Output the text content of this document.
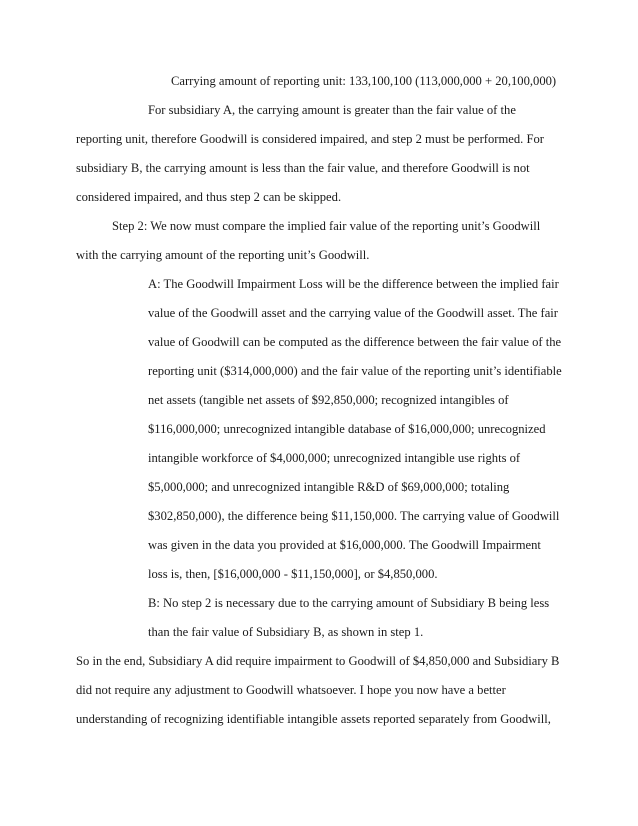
Carrying amount of reporting unit: 133,100,100 (113,000,000 + 20,100,000)
For subsidiary A, the carrying amount is greater than the fair value of the
reporting unit, therefore Goodwill is considered impaired, and step 2 must be performed. For
subsidiary B, the carrying amount is less than the fair value, and therefore Goodwill is not
considered impaired, and thus step 2 can be skipped.
Step 2: We now must compare the implied fair value of the reporting unit’s Goodwill
with the carrying amount of the reporting unit’s Goodwill.
A: The Goodwill Impairment Loss will be the difference between the implied fair
value of the Goodwill asset and the carrying value of the Goodwill asset. The fair
value of Goodwill can be computed as the difference between the fair value of the
reporting unit ($314,000,000) and the fair value of the reporting unit’s identifiable
net assets (tangible net assets of $92,850,000; recognized intangibles of
$116,000,000; unrecognized intangible database of $16,000,000; unrecognized
intangible workforce of $4,000,000; unrecognized intangible use rights of
$5,000,000; and unrecognized intangible R&D of $69,000,000; totaling
$302,850,000), the difference being $11,150,000. The carrying value of Goodwill
was given in the data you provided at $16,000,000. The Goodwill Impairment
loss is, then, [$16,000,000 - $11,150,000], or $4,850,000.
B: No step 2 is necessary due to the carrying amount of Subsidiary B being less
than the fair value of Subsidiary B, as shown in step 1.
So in the end, Subsidiary A did require impairment to Goodwill of $4,850,000 and Subsidiary B
did not require any adjustment to Goodwill whatsoever. I hope you now have a better
understanding of recognizing identifiable intangible assets reported separately from Goodwill,
